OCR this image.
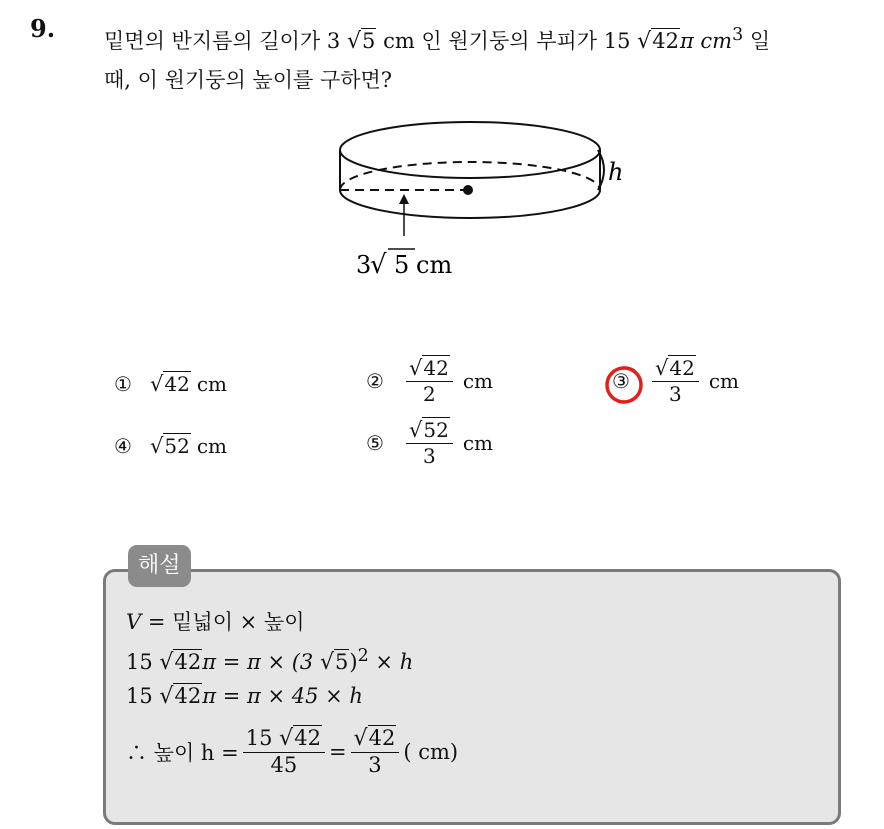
9. 밑면의 반지름의 길이가 3 √5 cm 인 원기둥의 부피가 15 √42π $cm^3$ 일
때, 이 원기둥의 높이를 구하면?
h
3
√ 5 cm
① √42 cm	② $\frac{√42}{2}$ cm	③ $\frac{√42}{3}$ cm
④ √52 cm	⑤ $\frac{√52}{3}$ cm
해설
V = 밑넓이 × 높이
15 √42π = π × (3 √5)$^2$ × h
15 √42π = π × 45 × h
∴ 높이 $h = \frac{15 √42}{45} = \frac{√42}{3}$ ( cm)
